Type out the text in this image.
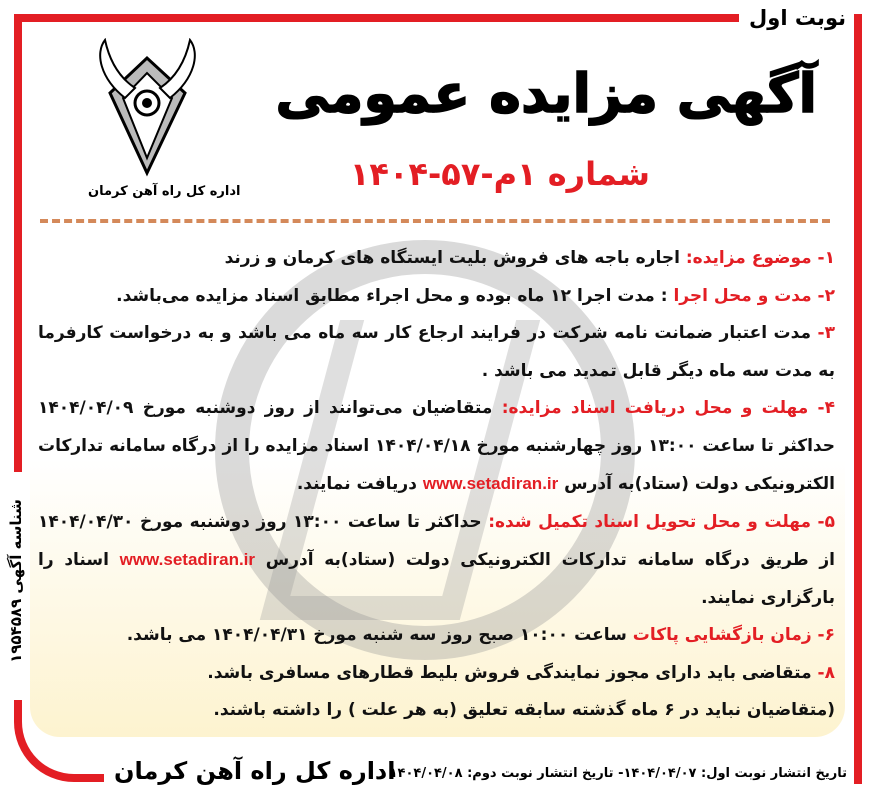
نوبت اول
آگهی مزایده عمومی
شماره ۱م-۵۷-۱۴۰۴
اداره کل راه آهن کرمان

۱- موضوع مزایده: اجاره باجه های فروش بلیت ایستگاه های کرمان و زرند

۲- مدت و محل اجرا : مدت اجرا ۱۲ ماه بوده و محل اجراء مطابق اسناد مزایده می‌باشد.

۳- مدت اعتبار ضمانت نامه شرکت در فرایند ارجاع کار سه ماه می باشد و به درخواست کارفرما به مدت سه ماه دیگر قابل تمدید می باشد .

۴- مهلت و محل دریافت اسناد مزایده: متقاضیان می‌توانند از روز دوشنبه مورخ ۱۴۰۴/۰۴/۰۹ حداکثر تا ساعت ۱۳:۰۰ روز چهارشنبه مورخ ۱۴۰۴/۰۴/۱۸ اسناد مزایده را از درگاه سامانه تدارکات الکترونیکی دولت (ستاد)به آدرس www.setadiran.ir دریافت نمایند.

۵- مهلت و محل تحویل اسناد تکمیل شده: حداکثر تا ساعت ۱۳:۰۰ روز دوشنبه مورخ ۱۴۰۴/۰۴/۳۰ از طریق درگاه سامانه تدارکات الکترونیکی دولت (ستاد)به آدرس www.setadiran.ir اسناد را بارگزاری نمایند.

۶- زمان بازگشایی پاکات ساعت ۱۰:۰۰ صبح روز سه شنبه مورخ ۱۴۰۴/۰۴/۳۱ می باشد.

۸- متقاضی باید دارای مجوز نمایندگی فروش بلیط قطارهای مسافری باشد.

(متقاضیان نباید در ۶ ماه گذشته سابقه تعلیق (به هر علت ) را داشته باشند.

شناسه آگهی ۱۹۵۴۵۸۹
اداره کل راه آهن کرمان
تاریخ انتشار نوبت اول: ۱۴۰۴/۰۴/۰۷- تاریخ انتشار نوبت دوم: ۱۴۰۴/۰۴/۰۸
